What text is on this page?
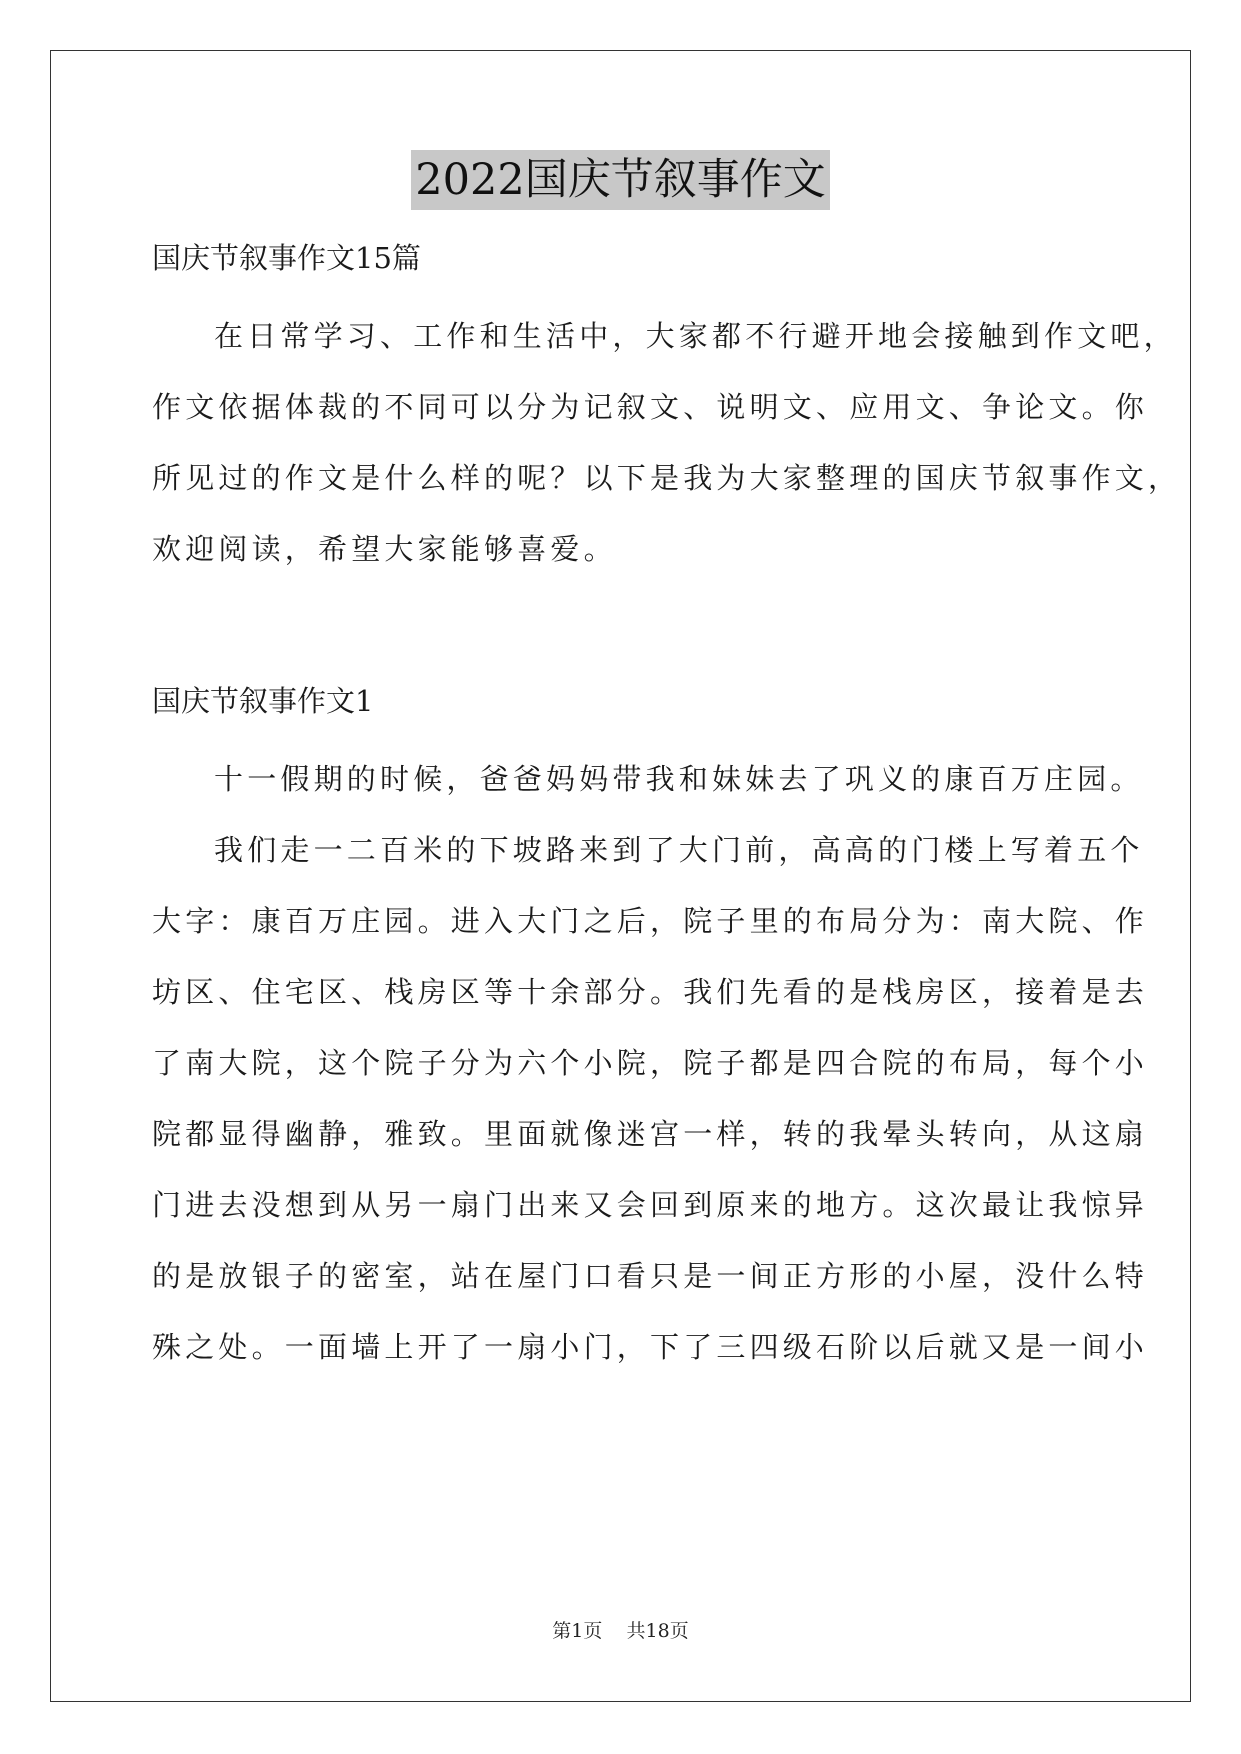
2022国庆节叙事作文
国庆节叙事作文15篇
在日常学习、工作和生活中，大家都不行避开地会接触到作文吧，
作文依据体裁的不同可以分为记叙文、说明文、应用文、争论文。你
所见过的作文是什么样的呢？以下是我为大家整理的国庆节叙事作文，
欢迎阅读，希望大家能够喜爱。
国庆节叙事作文1
十一假期的时候，爸爸妈妈带我和妹妹去了巩义的康百万庄园。
我们走一二百米的下坡路来到了大门前，高高的门楼上写着五个
大字：康百万庄园。进入大门之后，院子里的布局分为：南大院、作
坊区、住宅区、栈房区等十余部分。我们先看的是栈房区，接着是去
了南大院，这个院子分为六个小院，院子都是四合院的布局，每个小
院都显得幽静，雅致。里面就像迷宫一样，转的我晕头转向，从这扇
门进去没想到从另一扇门出来又会回到原来的地方。这次最让我惊异
的是放银子的密室，站在屋门口看只是一间正方形的小屋，没什么特
殊之处。一面墙上开了一扇小门，下了三四级石阶以后就又是一间小
第1页 共18页
